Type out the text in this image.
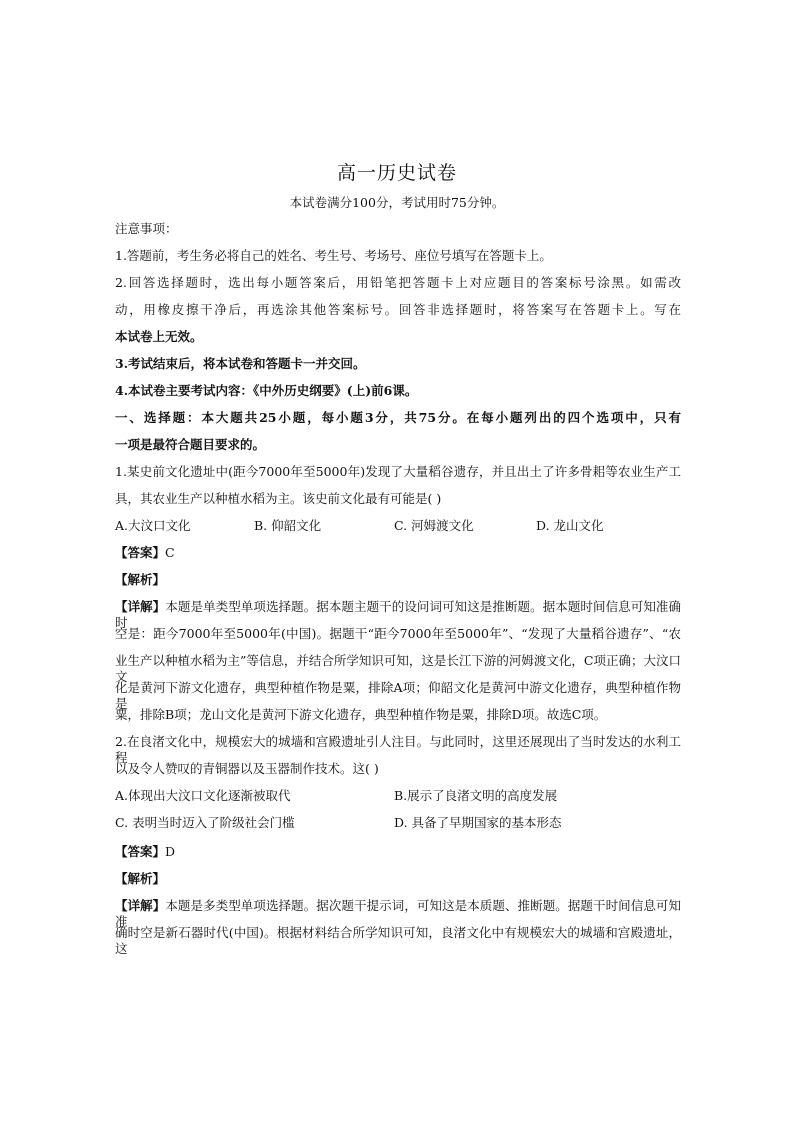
高一历史试卷
本试卷满分100分，考试用时75分钟。
注意事项：
1.答题前，考生务必将自己的姓名、考生号、考场号、座位号填写在答题卡上。
2.回答选择题时，选出每小题答案后，用铅笔把答题卡上对应题目的答案标号涂黑。如需改
动，用橡皮擦干净后，再选涂其他答案标号。回答非选择题时，将答案写在答题卡上。写在
本试卷上无效。
3.考试结束后，将本试卷和答题卡一并交回。
4.本试卷主要考试内容：《中外历史纲要》(上)前6课。
一、选择题：本大题共25小题，每小题3分，共75分。在每小题列出的四个选项中，只有
一项是最符合题目要求的。
1.某史前文化遗址中(距今7000年至5000年)发现了大量稻谷遗存，并且出土了许多骨耜等农业生产工
具，其农业生产以种植水稻为主。该史前文化最有可能是( )
A.大汶口文化	B. 仰韶文化	C. 河姆渡文化	D. 龙山文化
【答案】C
【解析】
【详解】本题是单类型单项选择题。据本题主题干的设问词可知这是推断题。据本题时间信息可知准确时
空是：距今7000年至5000年(中国)。据题干“距今7000年至5000年”、“发现了大量稻谷遗存”、“农
业生产以种植水稻为主”等信息，并结合所学知识可知，这是长江下游的河姆渡文化，C项正确；大汶口文
化是黄河下游文化遗存，典型种植作物是粟，排除A项；仰韶文化是黄河中游文化遗存，典型种植作物是
粟，排除B项；龙山文化是黄河下游文化遗存，典型种植作物是粟，排除D项。故选C项。
2.在良渚文化中，规模宏大的城墙和宫殿遗址引人注目。与此同时，这里还展现出了当时发达的水利工程
以及令人赞叹的青铜器以及玉器制作技术。这( )
A.体现出大汶口文化逐渐被取代	B.展示了良渚文明的高度发展
C. 表明当时迈入了阶级社会门槛	D. 具备了早期国家的基本形态
【答案】D
【解析】
【详解】本题是多类型单项选择题。据次题干提示词，可知这是本质题、推断题。据题干时间信息可知准
确时空是新石器时代(中国)。根据材料结合所学知识可知，良渚文化中有规模宏大的城墙和宫殿遗址，这
